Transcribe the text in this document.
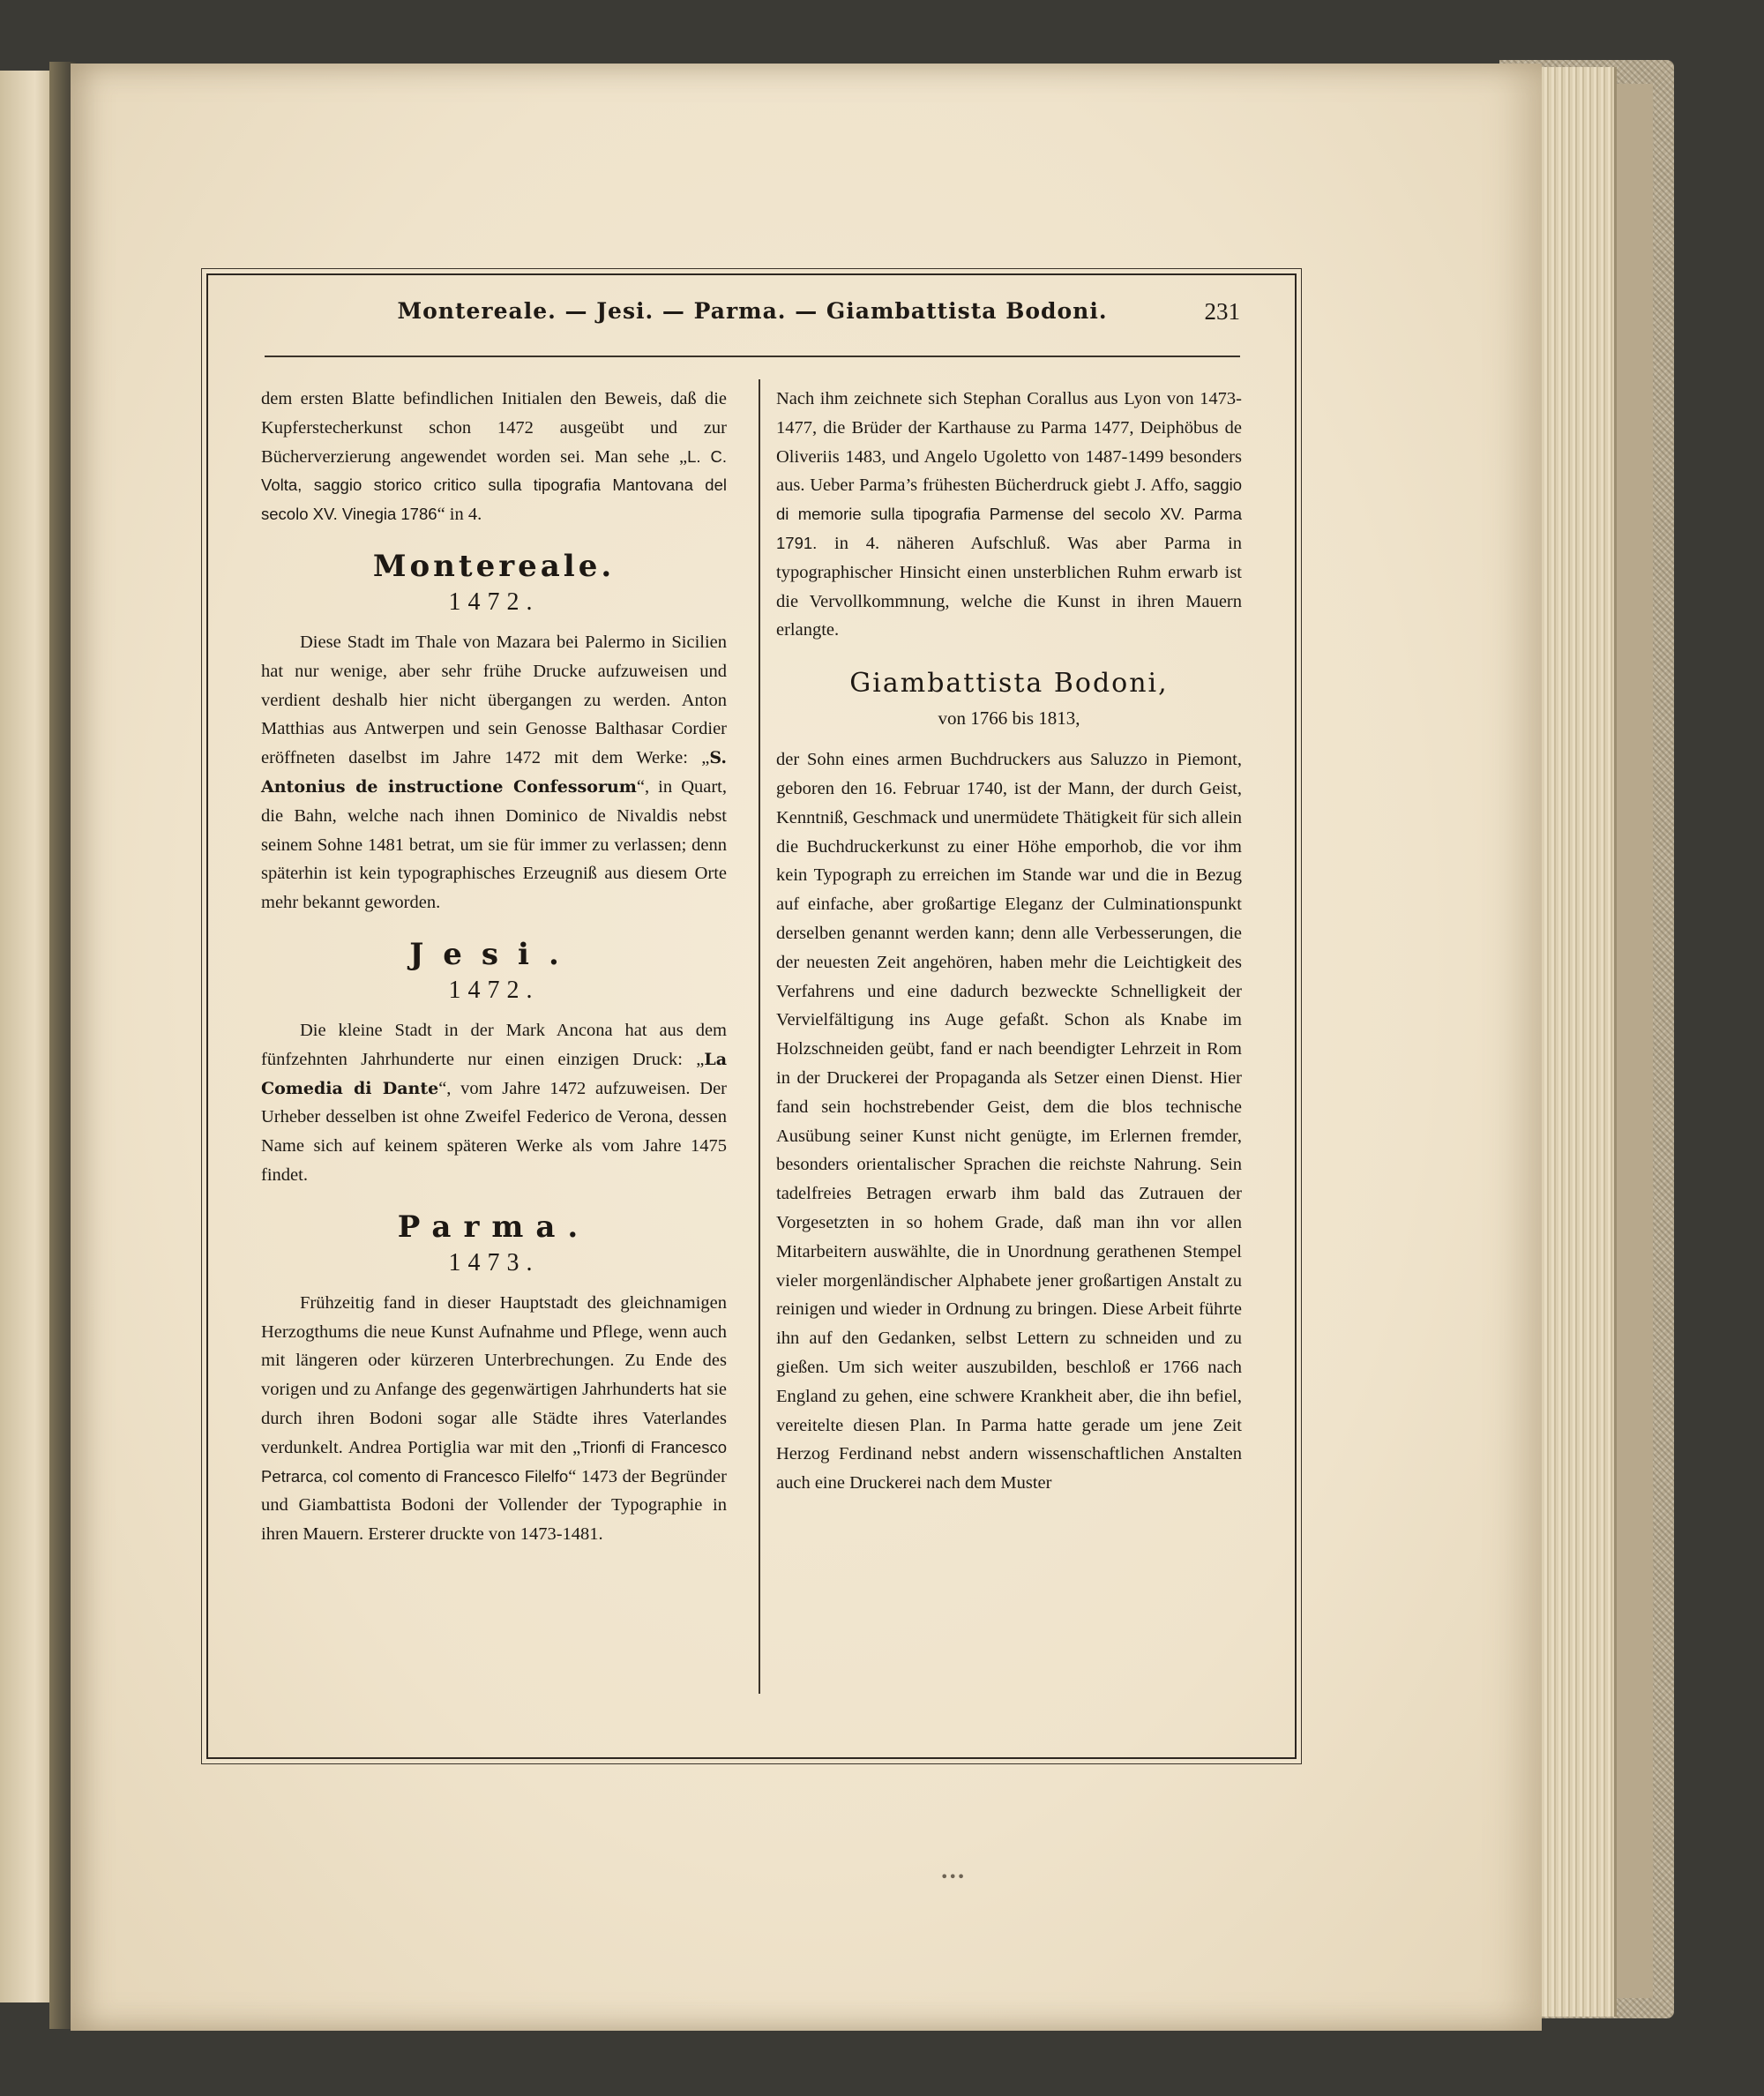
Montereale. — Jesi. — Parma. — Giambattista Bodoni.	231

dem ersten Blatte befindlichen Initialen den Beweis, daß die Kupferstecherkunst schon 1472 ausgeübt und zur Bücherverzierung angewendet worden sei. Man sehe „L. C. Volta, saggio storico critico sulla tipografia Mantovana del secolo XV. Vinegia 1786“ in 4.

Montereale.
1472.

Diese Stadt im Thale von Mazara bei Palermo in Sicilien hat nur wenige, aber sehr frühe Drucke aufzuweisen und verdient deshalb hier nicht übergangen zu werden. Anton Matthias aus Antwerpen und sein Genosse Balthasar Cordier eröffneten daselbst im Jahre 1472 mit dem Werke: „S. Antonius de instructione Confessorum“, in Quart, die Bahn, welche nach ihnen Dominico de Nivaldis nebst seinem Sohne 1481 betrat, um sie für immer zu verlassen; denn späterhin ist kein typographisches Erzeugniß aus diesem Orte mehr bekannt geworden.

Jesi.
1472.

Die kleine Stadt in der Mark Ancona hat aus dem fünfzehnten Jahrhunderte nur einen einzigen Druck: „La Comedia di Dante“, vom Jahre 1472 aufzuweisen. Der Urheber desselben ist ohne Zweifel Federico de Verona, dessen Name sich auf keinem späteren Werke als vom Jahre 1475 findet.

Parma.
1473.

Frühzeitig fand in dieser Hauptstadt des gleichnamigen Herzogthums die neue Kunst Aufnahme und Pflege, wenn auch mit längeren oder kürzeren Unterbrechungen. Zu Ende des vorigen und zu Anfange des gegenwärtigen Jahrhunderts hat sie durch ihren Bodoni sogar alle Städte ihres Vaterlandes verdunkelt. Andrea Portiglia war mit den „Trionfi di Francesco Petrarca, col comento di Francesco Filelfo“ 1473 der Begründer und Giambattista Bodoni der Vollender der Typographie in ihren Mauern. Ersterer druckte von 1473-1481.

Nach ihm zeichnete sich Stephan Corallus aus Lyon von 1473-1477, die Brüder der Karthause zu Parma 1477, Deiphöbus de Oliveriis 1483, und Angelo Ugoletto von 1487-1499 besonders aus. Ueber Parma’s frühesten Bücherdruck giebt J. Affo, saggio di memorie sulla tipografia Parmense del secolo XV. Parma 1791. in 4. näheren Aufschluß. Was aber Parma in typographischer Hinsicht einen unsterblichen Ruhm erwarb ist die Vervollkommnung, welche die Kunst in ihren Mauern erlangte.

Giambattista Bodoni,
von 1766 bis 1813,

der Sohn eines armen Buchdruckers aus Saluzzo in Piemont, geboren den 16. Februar 1740, ist der Mann, der durch Geist, Kenntniß, Geschmack und unermüdete Thätigkeit für sich allein die Buchdruckerkunst zu einer Höhe emporhob, die vor ihm kein Typograph zu erreichen im Stande war und die in Bezug auf einfache, aber großartige Eleganz der Culminationspunkt derselben genannt werden kann; denn alle Verbesserungen, die der neuesten Zeit angehören, haben mehr die Leichtigkeit des Verfahrens und eine dadurch bezweckte Schnelligkeit der Vervielfältigung ins Auge gefaßt. Schon als Knabe im Holzschneiden geübt, fand er nach beendigter Lehrzeit in Rom in der Druckerei der Propaganda als Setzer einen Dienst. Hier fand sein hochstrebender Geist, dem die blos technische Ausübung seiner Kunst nicht genügte, im Erlernen fremder, besonders orientalischer Sprachen die reichste Nahrung. Sein tadelfreies Betragen erwarb ihm bald das Zutrauen der Vorgesetzten in so hohem Grade, daß man ihn vor allen Mitarbeitern auswählte, die in Unordnung gerathenen Stempel vieler morgenländischer Alphabete jener großartigen Anstalt zu reinigen und wieder in Ordnung zu bringen. Diese Arbeit führte ihn auf den Gedanken, selbst Lettern zu schneiden und zu gießen. Um sich weiter auszubilden, beschloß er 1766 nach England zu gehen, eine schwere Krankheit aber, die ihn befiel, vereitelte diesen Plan. In Parma hatte gerade um jene Zeit Herzog Ferdinand nebst andern wissenschaftlichen Anstalten auch eine Druckerei nach dem Muster

•••
